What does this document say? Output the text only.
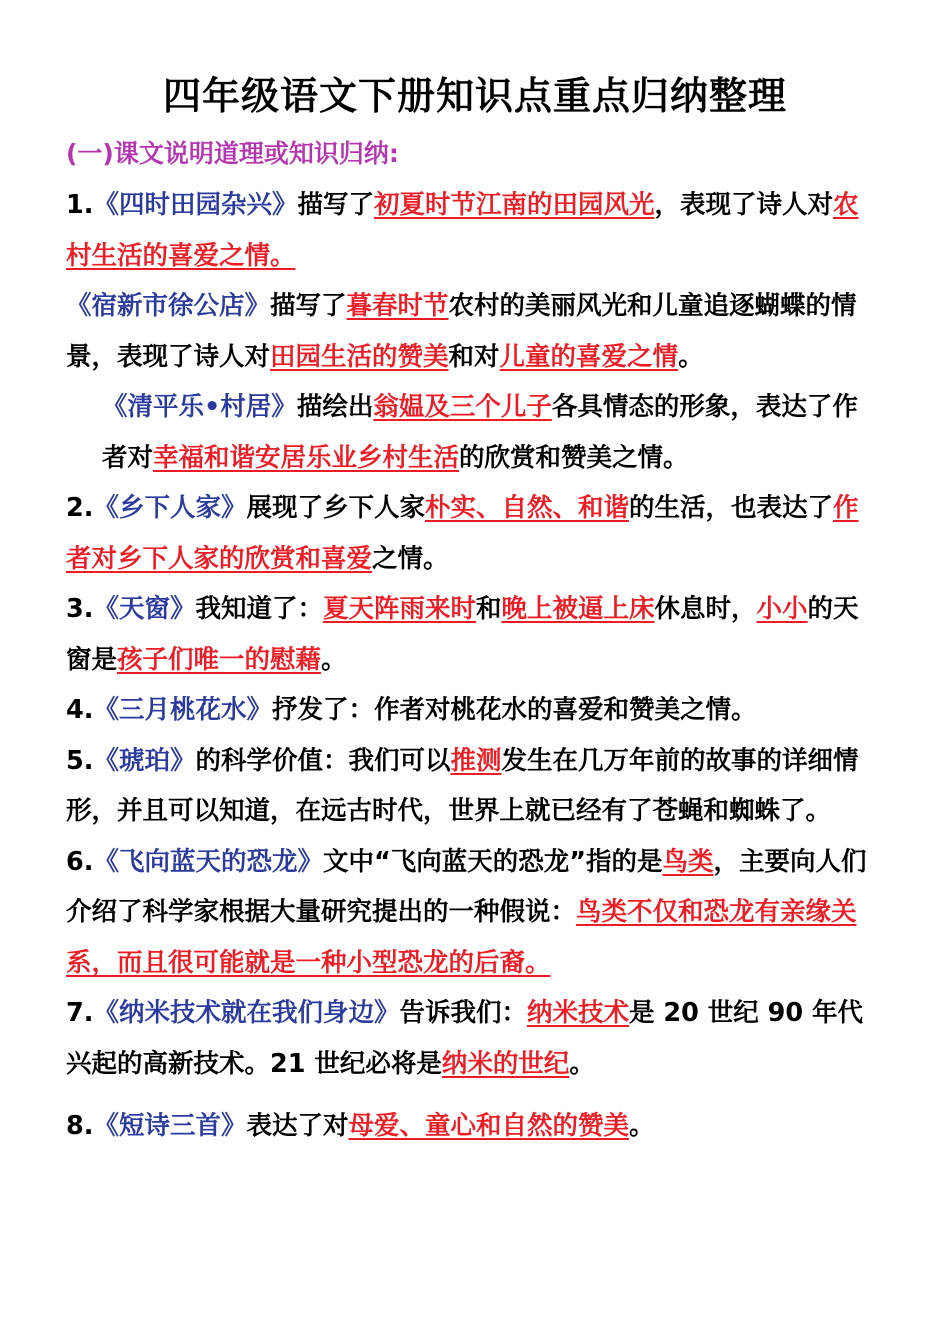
四年级语文下册知识点重点归纳整理
(一)课文说明道理或知识归纳:
1.《四时田园杂兴》描写了初夏时节江南的田园风光，表现了诗人对农村生活的喜爱之情。
《宿新市徐公店》描写了暮春时节农村的美丽风光和儿童追逐蝴蝶的情景，表现了诗人对田园生活的赞美和对儿童的喜爱之情。
《清平乐•村居》描绘出翁媪及三个儿子各具情态的形象，表达了作者对幸福和谐安居乐业乡村生活的欣赏和赞美之情。
2.《乡下人家》展现了乡下人家朴实、自然、和谐的生活，也表达了作者对乡下人家的欣赏和喜爱之情。
3.《天窗》我知道了：夏天阵雨来时和晚上被逼上床休息时，小小的天窗是孩子们唯一的慰藉。
4.《三月桃花水》抒发了：作者对桃花水的喜爱和赞美之情。
5.《琥珀》的科学价值：我们可以推测发生在几万年前的故事的详细情形，并且可以知道，在远古时代，世界上就已经有了苍蝇和蜘蛛了。
6.《飞向蓝天的恐龙》文中“飞向蓝天的恐龙”指的是鸟类，主要向人们介绍了科学家根据大量研究提出的一种假说：鸟类不仅和恐龙有亲缘关系，而且很可能就是一种小型恐龙的后裔。
7.《纳米技术就在我们身边》告诉我们：纳米技术是 20 世纪 90 年代兴起的高新技术。21 世纪必将是纳米的世纪。
8.《短诗三首》表达了对母爱、童心和自然的赞美。
